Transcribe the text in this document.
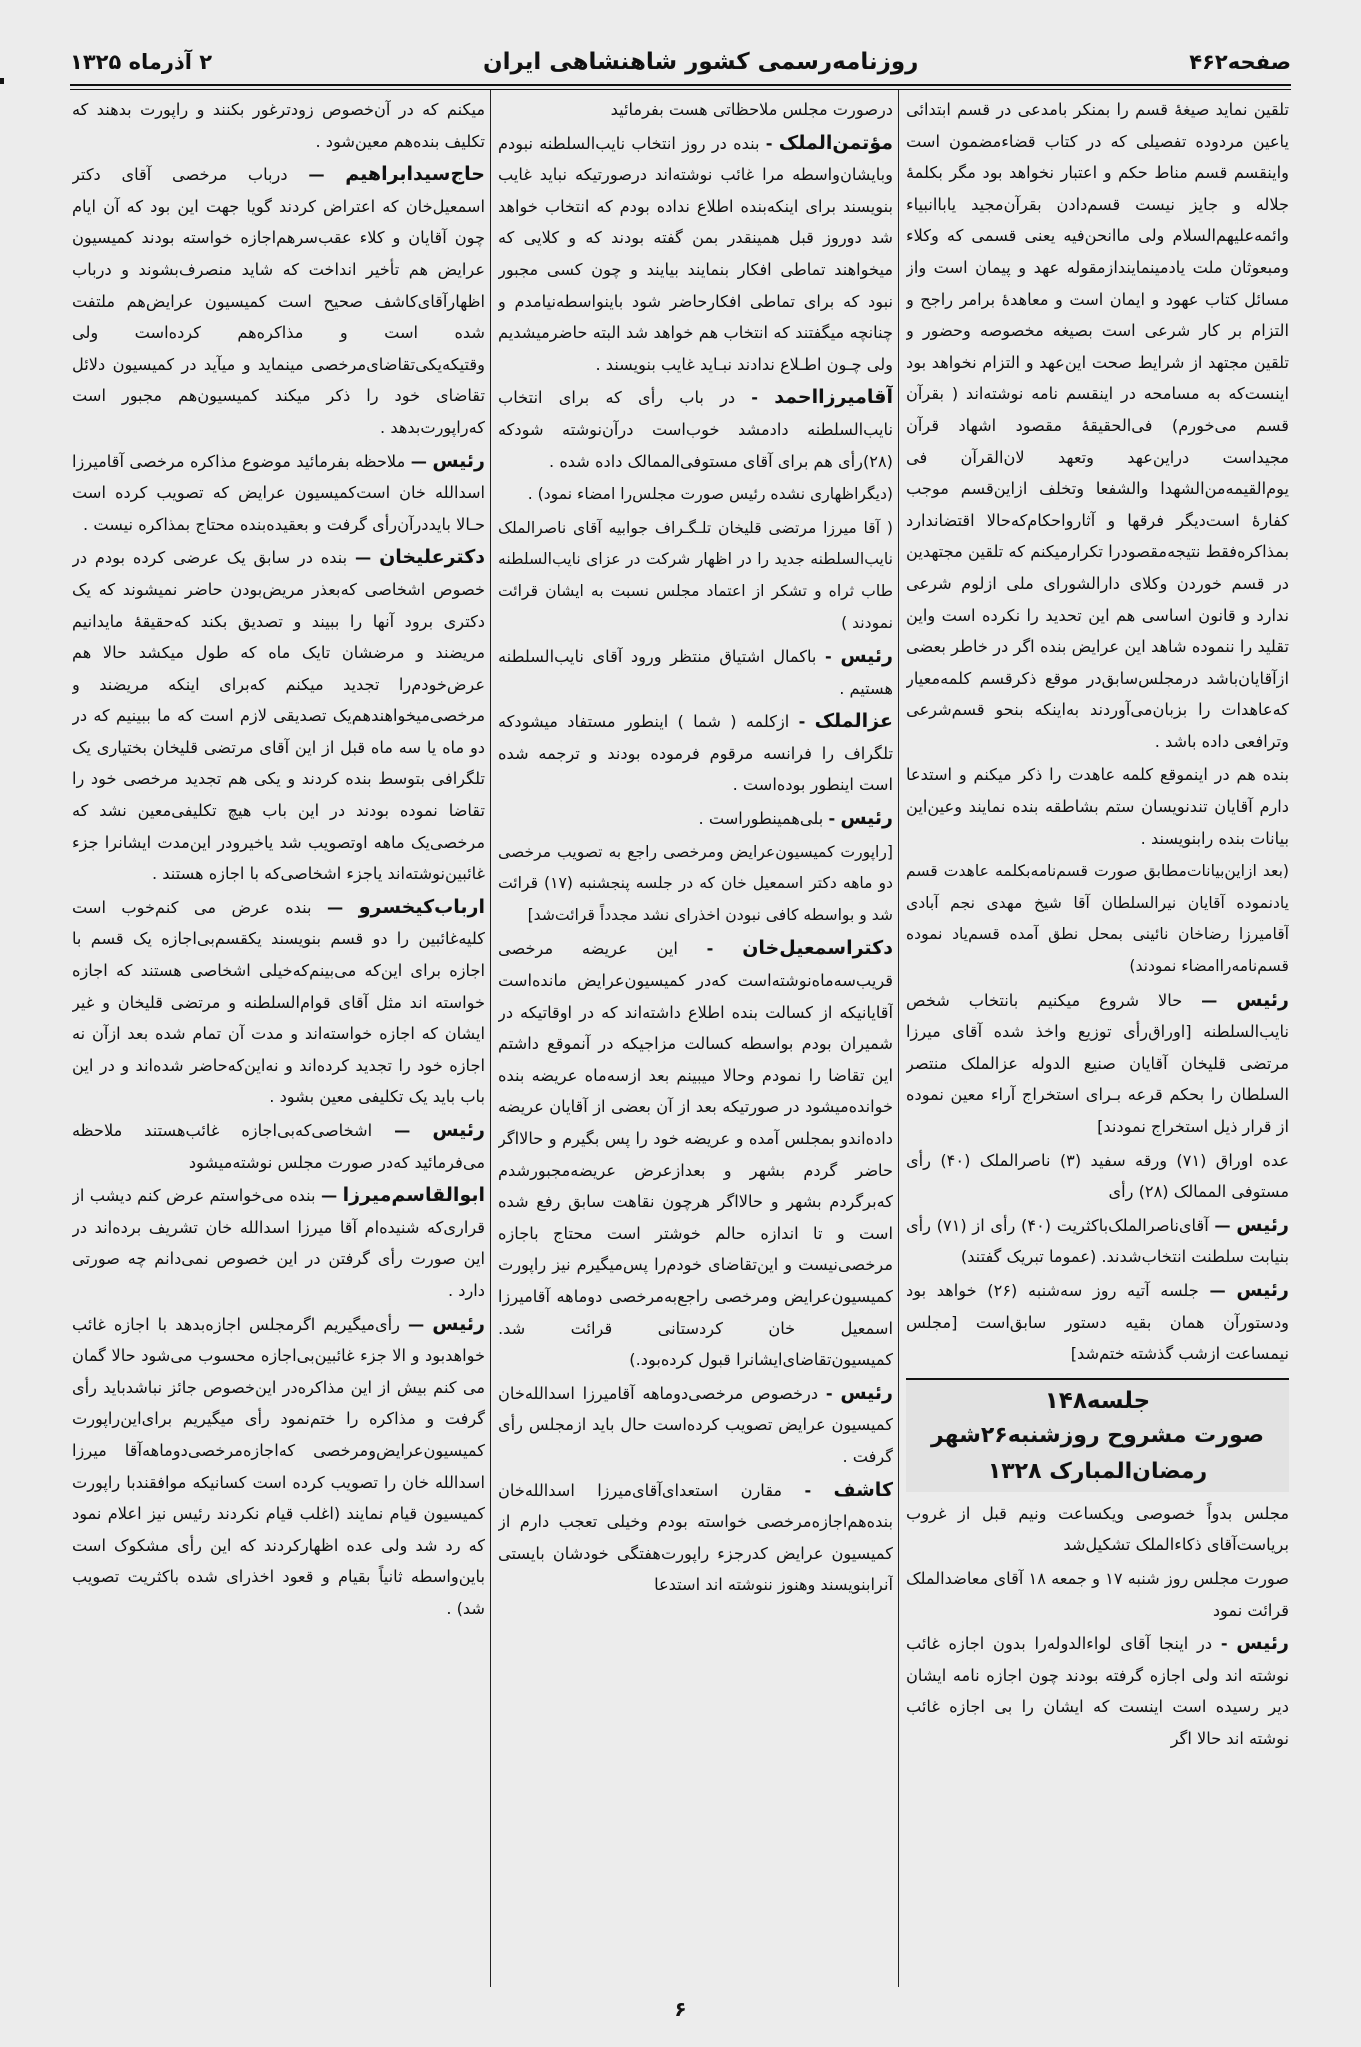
صفحه۴۶۲
روزنامه‌رسمی کشور شاهنشاهی ایران
۲ آذرماه ۱۳۲۵

تلقین نماید صیغهٔ قسم را بمنکر بامدعی در قسم ابتدائی یاعین مردوده تفصیلی که در کتاب قضاءمضمون است واینقسم قسم مناط حکم و اعتبار نخواهد بود مگر بکلمهٔ جلاله و جایز نیست قسم‌دادن بقرآن‌مجید یاباانبیاء وائمه‌علیهم‌السلام ولی ماانحن‌فیه یعنی قسمی که وکلاء ومبعوثان ملت یادمینمایندازمقوله عهد و پیمان است واز مسائل کتاب عهود و ایمان است و معاهدهٔ برامر راجح و التزام بر کار شرعی است بصیغه مخصوصه وحضور و تلقین مجتهد از شرایط صحت این‌عهد و التزام نخواهد بود اینست‌که به مسامحه در اینقسم نامه نوشته‌اند ( بقرآن قسم می‌خورم) فی‌الحقیقهٔ مقصود اشهاد قرآن مجیداست دراین‌عهد وتعهد لان‌القرآن فی یوم‌القیمه‌من‌الشهدا والشفعا وتخلف ازاین‌قسم موجب کفارهٔ است‌دیگر فرقها و آثارواحکام‌که‌حالا اقتضاندارد بمذاکره‌فقط نتیجه‌مقصودرا تکرارمیکنم که تلقین مجتهدین در قسم خوردن وکلای دارالشورای ملی ازلوم شرعی ندارد و قانون اساسی هم این تحدید را نکرده است واین تقلید را ننموده شاهد این عرایض بنده اگر در خاطر بعضی ازآقایان‌باشد درمجلس‌سابق‌در موقع ذکرقسم کلمه‌معیار که‌عاهدات را بزبان‌می‌آوردند به‌اینکه بنحو قسم‌شرعی وترافعی داده باشد .

بنده هم در اینموقع کلمه عاهدت را ذکر میکنم و استدعا دارم آقایان تندنویسان ستم بشاطقه بنده نمایند وعین‌این بیانات بنده رابنویسند .

(بعد ازاین‌بیانات‌مطابق صورت قسم‌نامه‌بکلمه عاهدت قسم یادنموده آقایان نیرالسلطان آقا شیخ مهدی نجم آبادی آقامیرزا رضاخان نائینی بمحل نطق آمده قسم‌یاد نموده قسم‌نامه‌راامضاء نمودند)

رئیس — حالا شروع میکنیم بانتخاب شخص نایب‌السلطنه [اوراق‌رأی توزیع واخذ شده آقای میرزا مرتضی قلیخان آقایان صنیع الدوله عزالملک منتصر السلطان را بحکم قرعه بـرای استخراج آراء معین نموده از قرار ذیل استخراج نمودند]

عده اوراق (۷۱) ورقه سفید (۳) ناصرالملک (۴۰) رأی مستوفی الممالک (۲۸) رأی

رئیس — آقای‌ناصرالملک‌باکثریت (۴۰) رأی از (۷۱) رأی بنیابت سلطنت انتخاب‌شدند. (عموما تبریک گفتند)

رئیس — جلسه آتیه روز سه‌شنبه (۲۶) خواهد بود ودستورآن همان بقیه دستور سابق‌است [مجلس نیمساعت ازشب گذشته ختم‌شد]

جلسه۱۴۸
صورت مشروح روزشنبه۲۶شهر رمضان‌المبارک ۱۳۲۸

مجلس بدواً خصوصی ویکساعت ونیم قبل از غروب بریاست‌آقای ذکاءالملک تشکیل‌شد

صورت مجلس روز شنبه ۱۷ و جمعه ۱۸ آقای معاضدالملک قرائت نمود

رئیس - در اینجا آقای لواءالدوله‌را بدون اجازه غائب نوشته اند ولی اجازه گرفته بودند چون اجازه نامه ایشان دیر رسیده است اینست که ایشان را بی اجازه غائب نوشته اند حالا اگر

درصورت مجلس ملاحظاتی هست بفرمائید

مؤتمن‌الملک - بنده در روز انتخاب نایب‌السلطنه نبودم وبایشان‌واسطه مرا غائب نوشته‌اند درصورتیکه نباید غایب بنویسند برای اینکه‌بنده اطلاع نداده بودم که انتخاب خواهد شد دوروز قبل همینقدر بمن گفته بودند که و کلایی که میخواهند تماطی افکار بنمایند بیایند و چون کسی مجبور نبود که برای تماطی افکارحاضر شود باینواسطه‌نیامدم و چنانچه میگفتند که انتخاب هم خواهد شد البته حاضر‌میشدیم ولی چـون اطـلاع ندادند نبـاید غایب بنویسند .

آقامیرزااحمد - در باب رأی که برای انتخاب نایب‌السلطنه دادمشد خوب‌است درآن‌نوشته شودکه (۲۸)رأی هم برای آقای مستوفی‌الممالک داده شده .

(دیگراظهاری نشده رئیس صورت مجلس‌را امضاء نمود) .

( آقا میرزا مرتضی قلیخان تلـگـراف جوابیه آقای ناصرالملک نایب‌السلطنه جدید را در اظهار شرکت در عزای نایب‌السلطنه طاب ثراه و تشکر از اعتماد مجلس نسبت به ایشان قرائت نمودند )

رئیس - باکمال اشتیاق منتظر ورود آقای نایب‌السلطنه هستیم .

عزالملک - ازکلمه ( شما ) اینطور مستفاد میشودکه تلگراف را فرانسه مرقوم فرموده بودند و ترجمه شده است اینطور بوده‌است .

رئیس - بلی‌همینطوراست .

[راپورت کمیسیون‌عرایض ومرخصی راجع به تصویب مرخصی دو ماهه دکتر اسمعیل خان که در جلسه پنجشنبه (۱۷) قرائت شد و بواسطه کافی نبودن اخذرای نشد مجدداً قرائت‌شد]

دکتراسمعیل‌خان - این عریضه مرخصی قریب‌سه‌ماه‌نوشته‌است که‌در کمیسیون‌عرایض مانده‌است آقایانیکه از کسالت بنده اطلاع داشته‌اند که در اوقاتیکه در شمیران بودم بواسطه کسالت مزاجیکه در آنموقع داشتم این تقاضا را نمودم وحالا میبینم بعد ازسه‌ماه عریضه بنده خوانده‌میشود در صورتیکه بعد از آن بعضی از آقایان عریضه داده‌اندو بمجلس آمده و عریضه خود را پس بگیرم و حالااگر حاضر گردم بشهر و بعدازعرض عریضه‌مجبورشدم که‌برگردم بشهر و حالااگر هرچون نقاهت سابق رفع شده است و تا اندازه حالم خوشتر است محتاج باجازه مرخصی‌نیست و این‌تقاضای خودم‌را پس‌میگیرم نیز راپورت کمیسیون‌عرایض ومرخصی راجع‌به‌مرخصی دوماهه آقامیرزا اسمعیل خان کردستانی قرائت شد. کمیسیون‌تقاضای‌ایشانرا قبول کرده‌بود.)

رئیس - درخصوص مرخصی‌دوماهه آقامیرزا اسدالله‌خان کمیسیون عرایض تصویب کرده‌است حال باید ازمجلس رأی گرفت .

کاشف - مقارن استعدای‌آقای‌میرزا اسدالله‌خان بنده‌هم‌اجازه‌مرخصی خواسته بودم وخیلی تعجب دارم از کمیسیون عرایض کدرجزء راپورت‌هفتگی خودشان بایستی آنرابنویسند وهنوز ننوشته اند استدعا

میکنم که در آن‌خصوص زودترغور بکنند و راپورت بدهند که تکلیف بنده‌هم معین‌شود .

حاج‌سیدابراهیم — درباب مرخصی آقای دکتر اسمعیل‌خان که اعتراض کردند گویا جهت این بود که آن ایام چون آقایان و کلاء عقب‌سرهم‌اجازه خواسته بودند کمیسیون عرایض هم تأخیر انداخت که شاید منصرف‌بشوند و درباب اظهارآقای‌کاشف صحیح است کمیسیون عرایض‌هم ملتفت شده است و مذاکره‌هم کرده‌است ولی وقتیکه‌یکی‌تقاضای‌مرخصی مینماید و میآید در کمیسیون دلائل تقاضای خود را ذکر میکند کمیسیون‌هم مجبور است که‌راپورت‌بدهد .

رئیس — ملاحظه بفرمائید موضوع مذاکره مرخصی آقامیرزا اسدالله خان است‌کمیسیون عرایض که تصویب کرده است حـالا بایددرآن‌رأی گرفت و بعقیده‌بنده محتاج بمذاکره نیست .

دکترعلیخان — بنده در سابق یک عرضی کرده بودم در خصوص اشخاصی که‌بعذر مریض‌بودن حاضر نمیشوند که یک دکتری برود آنها را ببیند و تصدیق بکند که‌حقیقهٔ مایدانیم مریضند و مرضشان تایک ماه که طول میکشد حالا هم عرض‌خودم‌را تجدید میکنم که‌برای اینکه مریضند و مرخصی‌میخواهندهم‌یک تصدیقی لازم است که ما ببینیم که در دو ماه یا سه ماه قبل از این آقای مرتضی قلیخان بختیاری یک تلگرافی بتوسط بنده کردند و یکی هم تجدید مرخصی خود را تقاضا نموده بودند در این باب هیچ تکلیفی‌معین نشد که مرخصی‌یک ماهه او‌تصویب شد یاخیرودر این‌مدت ایشانرا جزء غائبین‌نوشته‌اند یاجزء اشخاصی‌که با اجازه هستند .

ارباب‌کیخسرو — بنده عرض می کنم‌خوب است کلیه‌غائبین را دو قسم بنویسند یکقسم‌بی‌اجازه یک قسم با اجازه برای این‌که می‌بینم‌که‌خیلی اشخاصی هستند که اجازه خواسته اند مثل آقای قوام‌السلطنه و مرتضی قلیخان و غیر ایشان که اجازه خواسته‌اند و مدت آن تمام شده بعد ازآن نه اجازه خود را تجدید کرده‌اند و نه‌این‌که‌حاضر شده‌اند و در این باب باید یک تکلیفی معین بشود .

رئیس — اشخاصی‌که‌بی‌اجازه غائب‌هستند ملاحظه می‌فرمائید که‌در صورت مجلس نوشته‌میشود

ابوالقاسم‌میرزا — بنده می‌خواستم عرض کنم دیشب از قراری‌که شنیده‌ام آقا میرزا اسدالله خان تشریف برده‌اند در این صورت رأی گرفتن در این خصوص نمی‌دانم چه صورتی دارد .

رئیس — رأی‌میگیریم اگرمجلس اجازه‌بدهد با اجازه غائب خواهد‌بود و الا جزء غائبین‌بی‌اجازه محسوب می‌شود حالا گمان می کنم بیش از این مذاکره‌در این‌خصوص جائز نباشد‌باید رأی گرفت و مذاکره را ختم‌نمود رأی میگیریم برای‌این‌راپورت کمیسیون‌عرایض‌ومرخصی که‌اجازه‌مرخصی‌دوماهه‌آقا میرزا اسدالله خان را تصویب کرده است کسانیکه موافقند‌با راپورت کمیسیون قیام نمایند (اغلب قیام نکردند رئیس نیز اعلام نمود که رد شد ولی عده اظهار‌کردند که این رأی مشکوک است باین‌واسطه ثانیاً بقیام و قعود اخذرای شده باکثریت تصویب شد) .

۶
